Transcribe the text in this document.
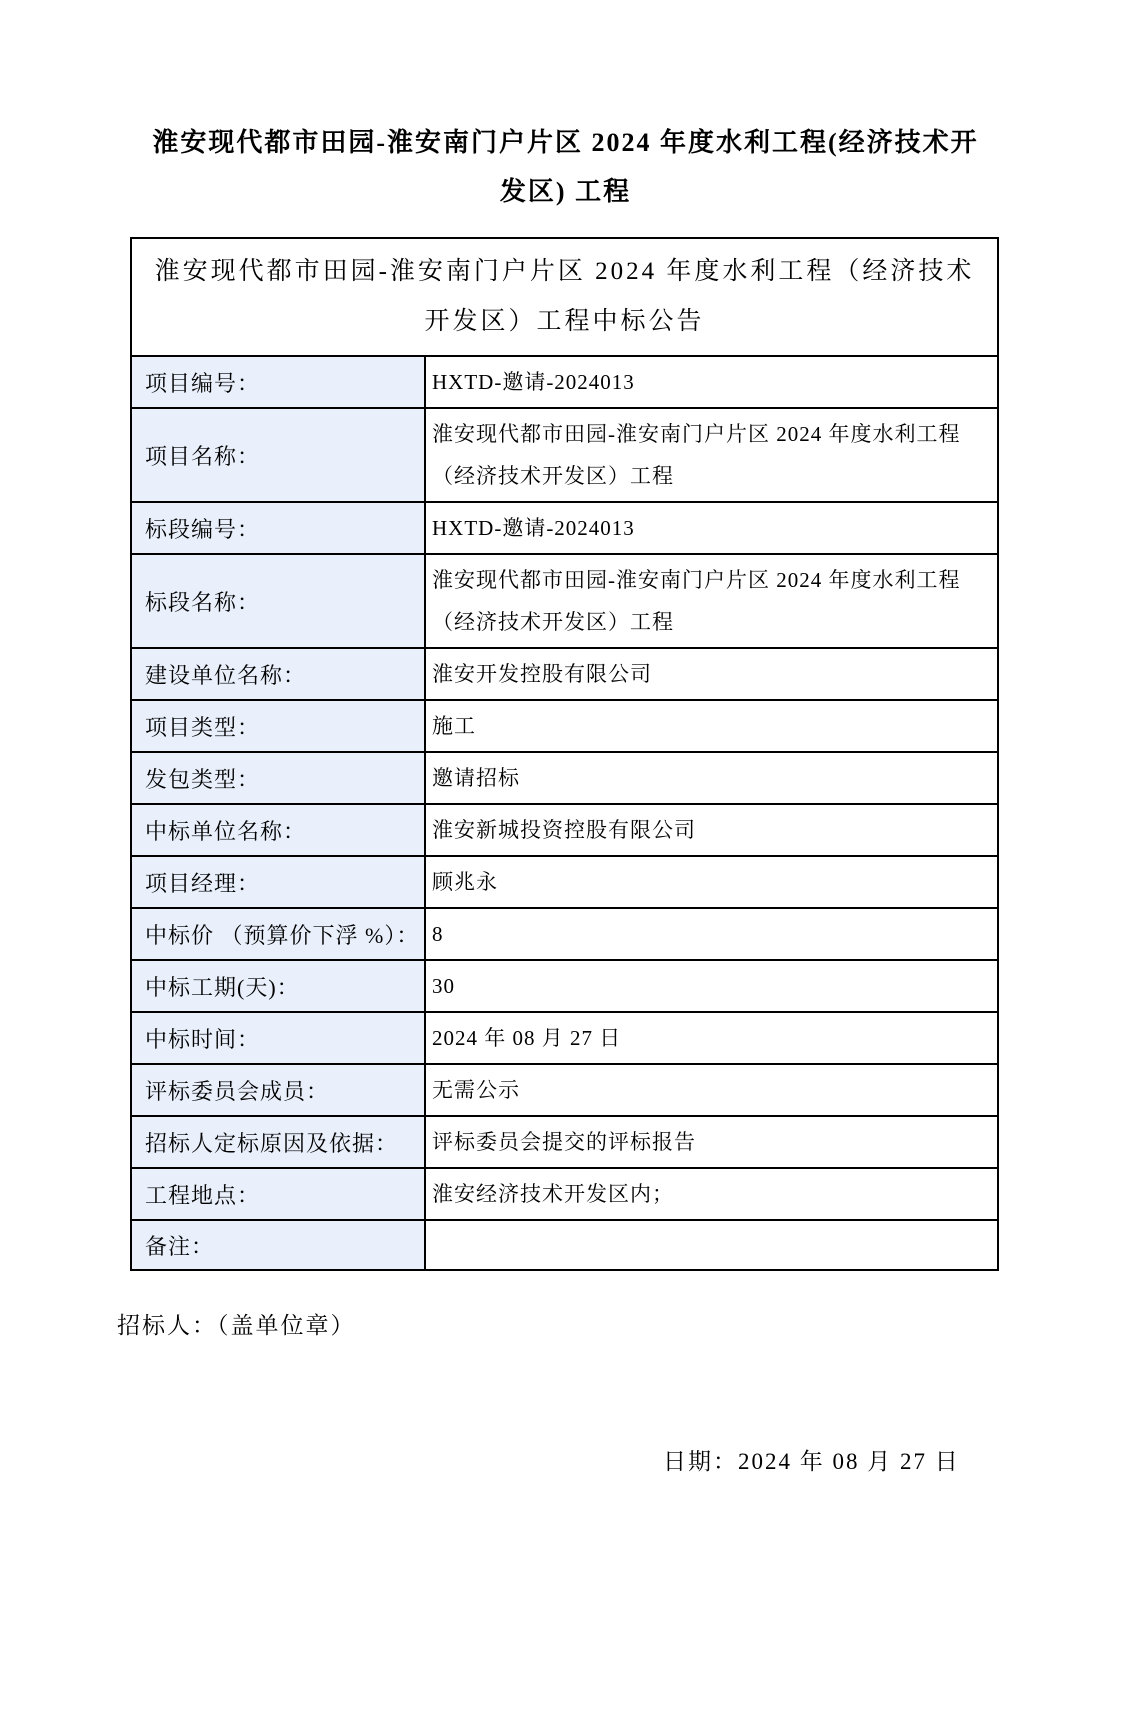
淮安现代都市田园-淮安南门户片区 2024 年度水利工程(经济技术开发区) 工程
淮安现代都市田园-淮安南门户片区 2024 年度水利工程（经济技术开发区）工程中标公告	
项目编号：	HXTD-邀请-2024013
项目名称：	淮安现代都市田园-淮安南门户片区 2024 年度水利工程 （经济技术开发区）工程
标段编号：	HXTD-邀请-2024013
标段名称：	淮安现代都市田园-淮安南门户片区 2024 年度水利工程 （经济技术开发区）工程
建设单位名称：	淮安开发控股有限公司
项目类型：	施工
发包类型：	邀请招标
中标单位名称：	淮安新城投资控股有限公司
项目经理：	顾兆永
中标价 （预算价下浮 %）：	8
中标工期(天)：	30
中标时间：	2024 年 08 月 27 日
评标委员会成员：	无需公示
招标人定标原因及依据：	评标委员会提交的评标报告
工程地点：	淮安经济技术开发区内；
备注：	
招标人：（盖单位章）
日期：2024 年 08 月 27 日
